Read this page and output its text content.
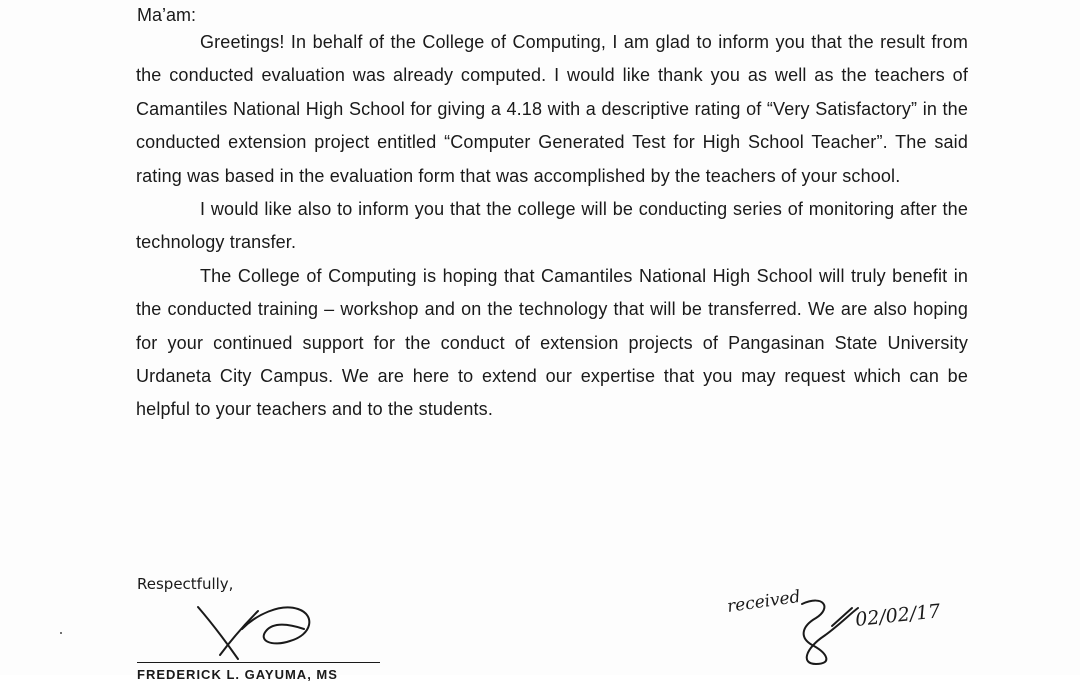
Ma’am:

Greetings! In behalf of the College of Computing, I am glad to inform you that the result from the conducted evaluation was already computed. I would like thank you as well as the teachers of Camantiles National High School for giving a 4.18 with a descriptive rating of “Very Satisfactory” in the conducted extension project entitled “Computer Generated Test for High School Teacher”. The said rating was based in the evaluation form that was accomplished by the teachers of your school.

I would like also to inform you that the college will be conducting series of monitoring after the technology transfer.

The College of Computing is hoping that Camantiles National High School will truly benefit in the conducted training – workshop and on the technology that will be transferred. We are also hoping for your continued support for the conduct of extension projects of Pangasinan State University Urdaneta City Campus. We are here to extend our expertise that you may request which can be helpful to your teachers and to the students.

Respectfully,
FREDERICK L. GAYUMA, MS
received	02/02/17
